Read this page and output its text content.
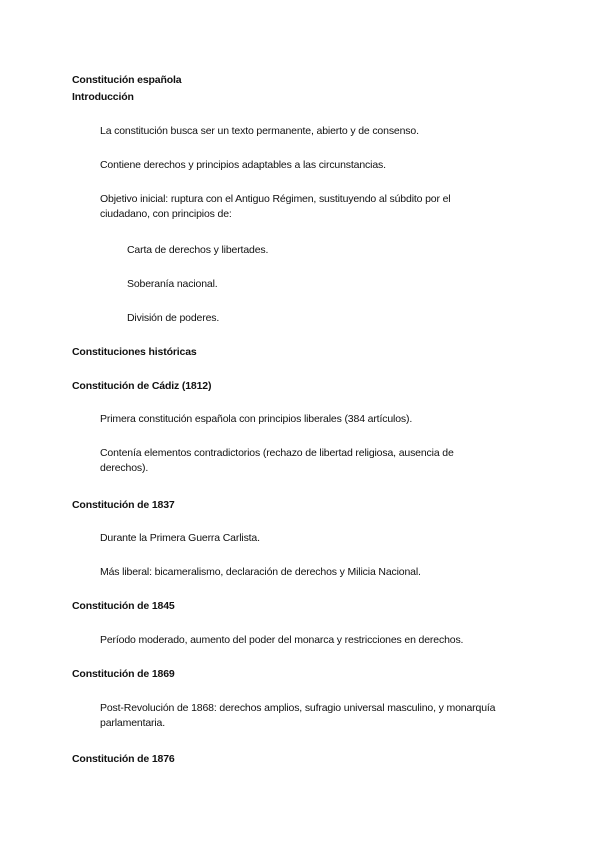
Constitución española
Introducción
La constitución busca ser un texto permanente, abierto y de consenso.
Contiene derechos y principios adaptables a las circunstancias.
Objetivo inicial: ruptura con el Antiguo Régimen, sustituyendo al súbdito por el ciudadano, con principios de:
Carta de derechos y libertades.
Soberanía nacional.
División de poderes.
Constituciones históricas
Constitución de Cádiz (1812)
Primera constitución española con principios liberales (384 artículos).
Contenía elementos contradictorios (rechazo de libertad religiosa, ausencia de derechos).
Constitución de 1837
Durante la Primera Guerra Carlista.
Más liberal: bicameralismo, declaración de derechos y Milicia Nacional.
Constitución de 1845
Período moderado, aumento del poder del monarca y restricciones en derechos.
Constitución de 1869
Post-Revolución de 1868: derechos amplios, sufragio universal masculino, y monarquía parlamentaria.
Constitución de 1876
